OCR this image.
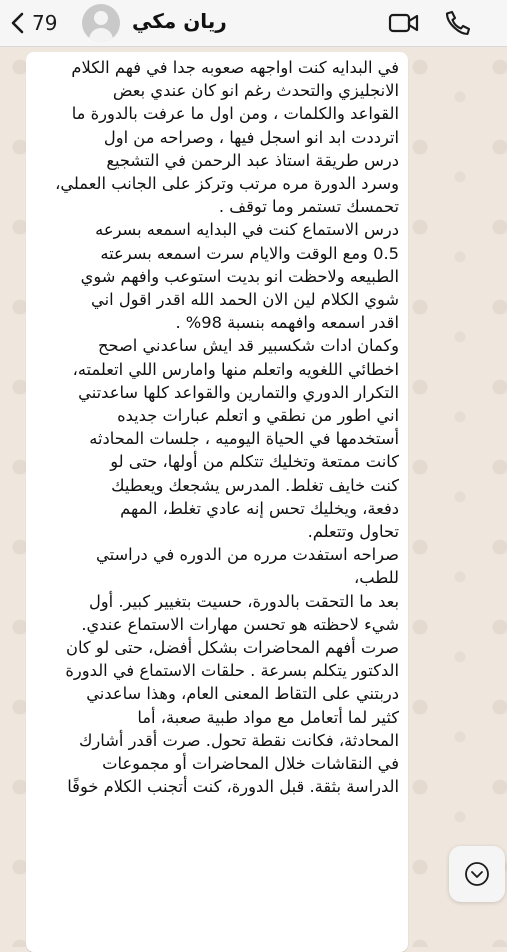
79	ريان مكي
في البدايه كنت اواجهه صعوبه جدا في فهم الكلام
الانجليزي والتحدث رغم انو كان عندي بعض
القواعد والكلمات ، ومن اول ما عرفت بالدورة ما
اترددت ابد انو اسجل فيها ، وصراحه من اول
درس طريقة استاذ عبد الرحمن في التشجيع
وسرد الدورة مره مرتب وتركز على الجانب العملي،
تحمسك تستمر وما توقف .
درس الاستماع كنت في البدايه اسمعه بسرعه
0.5 ومع الوقت والايام سرت اسمعه بسرعته
الطبيعه ولاحظت انو بديت استوعب وافهم شوي
شوي الكلام لين الان الحمد الله اقدر اقول اني
اقدر اسمعه وافهمه بنسبة 98% .
وكمان ادات شكسبير قد ايش ساعدني اصحح
اخطائي اللغويه واتعلم منها وامارس اللي اتعلمته،
التكرار الدوري والتمارين والقواعد كلها ساعدتني
اني اطور من نطقي و اتعلم عبارات جديده
أستخدمها في الحياة اليوميه ، جلسات المحادثه
كانت ممتعة وتخليك تتكلم من أولها، حتى لو
كنت خايف تغلط. المدرس يشجعك ويعطيك
دفعة، ويخليك تحس إنه عادي تغلط، المهم
تحاول وتتعلم.
صراحه استفدت مرره من الدوره في دراستي
للطب،
بعد ما التحقت بالدورة، حسيت بتغيير كبير. أول
شيء لاحظته هو تحسن مهارات الاستماع عندي.
صرت أفهم المحاضرات بشكل أفضل، حتى لو كان
الدكتور يتكلم بسرعة . حلقات الاستماع في الدورة
دربتني على التقاط المعنى العام، وهذا ساعدني
كثير لما أتعامل مع مواد طبية صعبة، أما
المحادثة، فكانت نقطة تحول. صرت أقدر أشارك
في النقاشات خلال المحاضرات أو مجموعات
الدراسة بثقة. قبل الدورة، كنت أتجنب الكلام خوفًا
